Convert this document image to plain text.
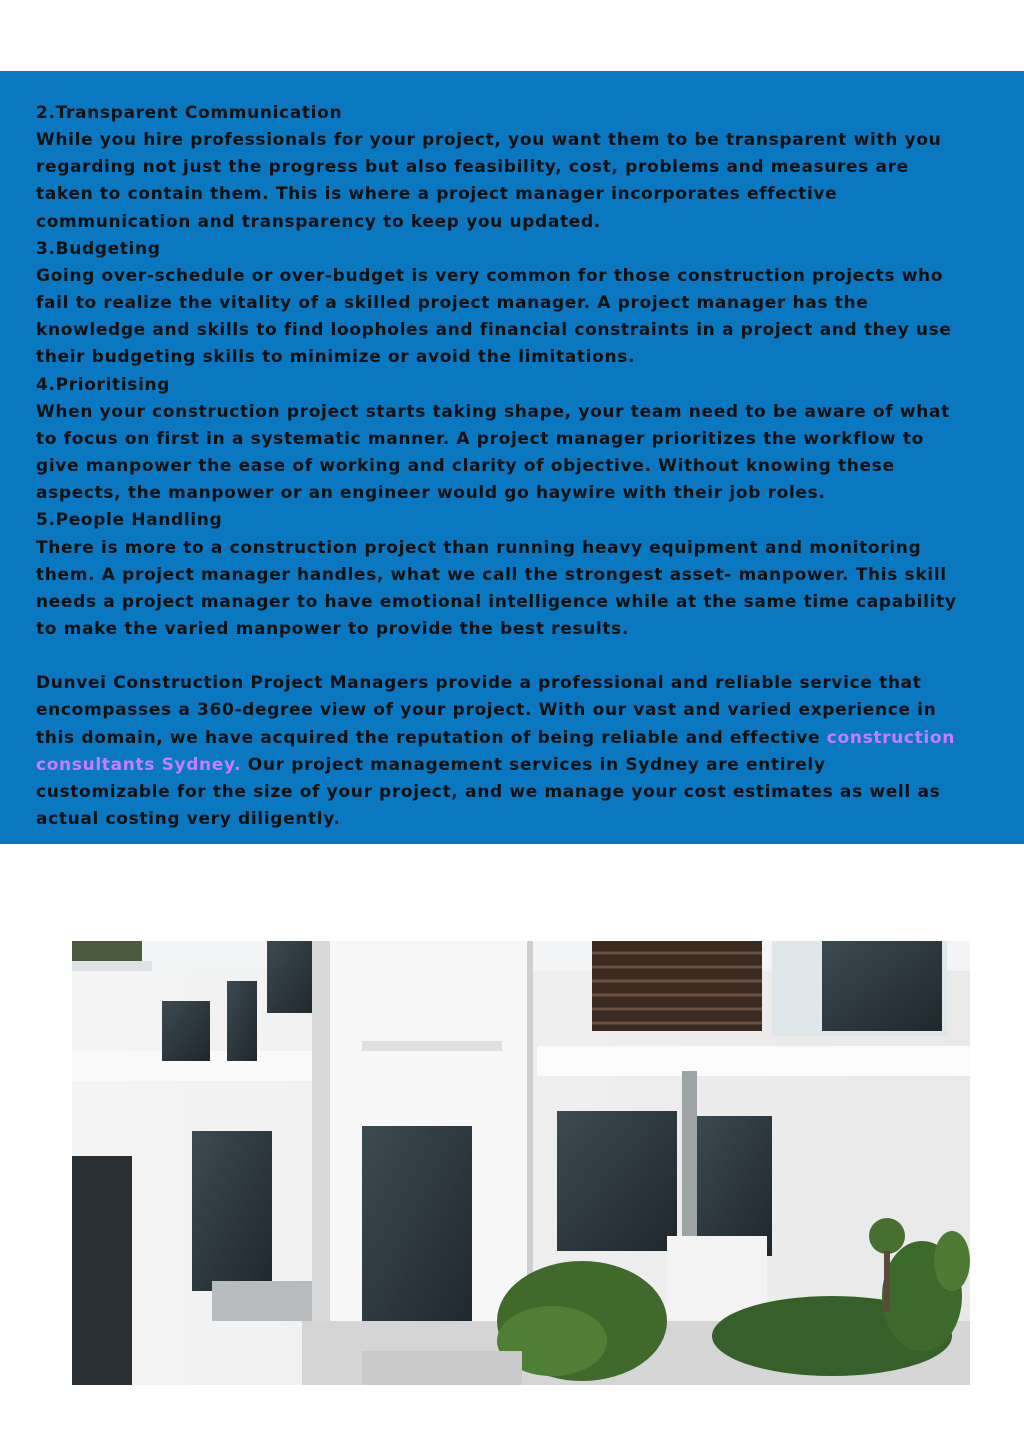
2.Transparent Communication

While you hire professionals for your project, you want them to be transparent with you

regarding not just the progress but also feasibility, cost, problems and measures are

taken to contain them. This is where a project manager incorporates effective

communication and transparency to keep you updated.

3.Budgeting

Going over-schedule or over-budget is very common for those construction projects who

fail to realize the vitality of a skilled project manager. A project manager has the

knowledge and skills to find loopholes and financial constraints in a project and they use

their budgeting skills to minimize or avoid the limitations.

4.Prioritising

When your construction project starts taking shape, your team need to be aware of what

to focus on first in a systematic manner. A project manager prioritizes the workflow to

give manpower the ease of working and clarity of objective. Without knowing these

aspects, the manpower or an engineer would go haywire with their job roles.

5.People Handling

There is more to a construction project than running heavy equipment and monitoring

them. A project manager handles, what we call the strongest asset- manpower. This skill

needs a project manager to have emotional intelligence while at the same time capability

to make the varied manpower to provide the best results.

Dunvei Construction Project Managers provide a professional and reliable service that

encompasses a 360-degree view of your project. With our vast and varied experience in

this domain, we have acquired the reputation of being reliable and effective construction

consultants Sydney. Our project management services in Sydney are entirely

customizable for the size of your project, and we manage your cost estimates as well as

actual costing very diligently.
